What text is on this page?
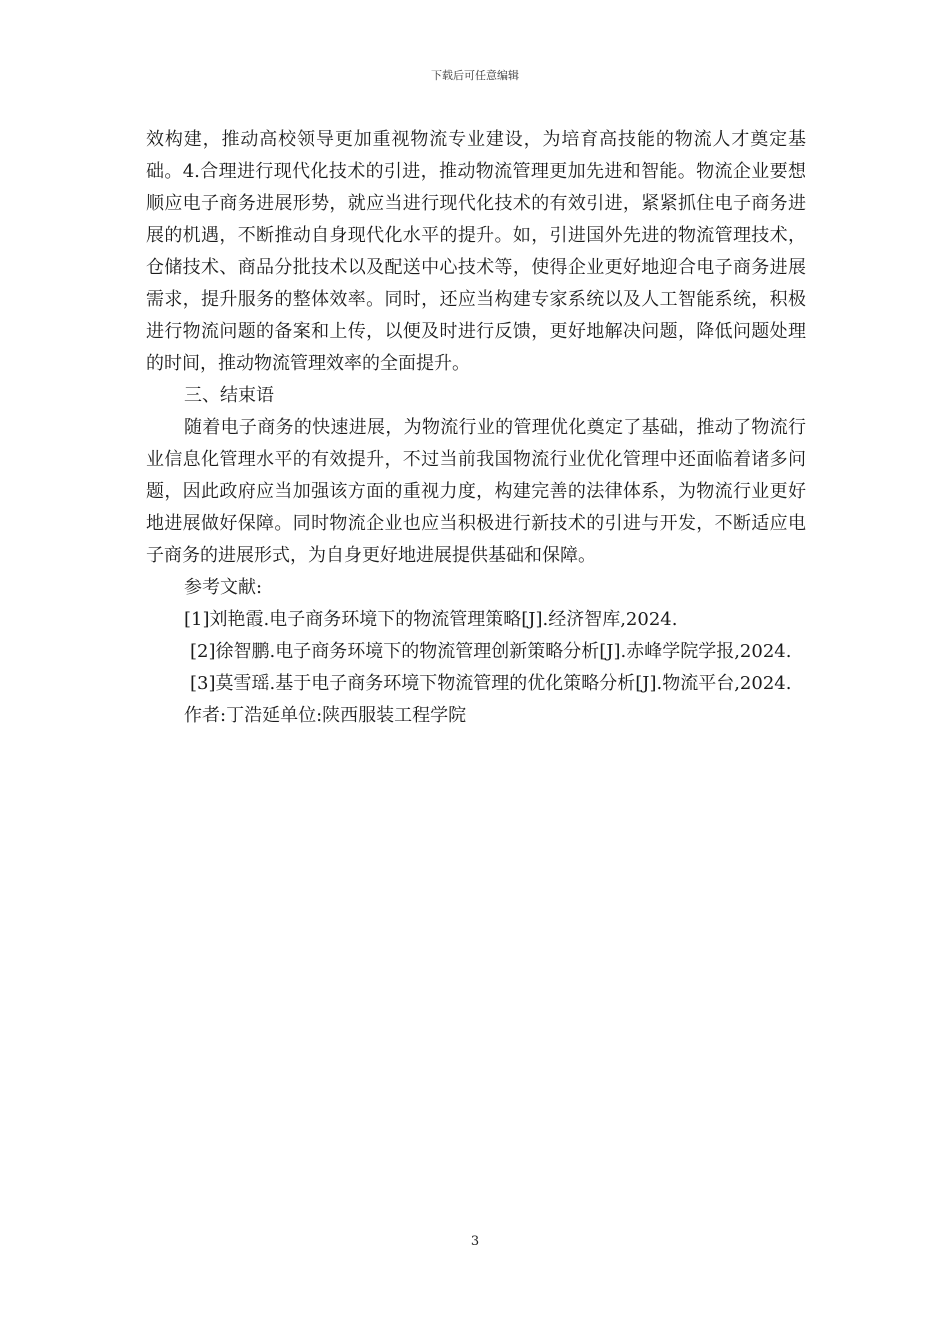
下载后可任意编辑

效构建，推动高校领导更加重视物流专业建设，为培育高技能的物流人才奠定基础。4.合理进行现代化技术的引进，推动物流管理更加先进和智能。物流企业要想顺应电子商务进展形势，就应当进行现代化技术的有效引进，紧紧抓住电子商务进展的机遇，不断推动自身现代化水平的提升。如，引进国外先进的物流管理技术，仓储技术、商品分批技术以及配送中心技术等，使得企业更好地迎合电子商务进展需求，提升服务的整体效率。同时，还应当构建专家系统以及人工智能系统，积极进行物流问题的备案和上传，以便及时进行反馈，更好地解决问题，降低问题处理的时间，推动物流管理效率的全面提升。

三、结束语

随着电子商务的快速进展，为物流行业的管理优化奠定了基础，推动了物流行业信息化管理水平的有效提升，不过当前我国物流行业优化管理中还面临着诸多问题，因此政府应当加强该方面的重视力度，构建完善的法律体系，为物流行业更好地进展做好保障。同时物流企业也应当积极进行新技术的引进与开发，不断适应电子商务的进展形式，为自身更好地进展提供基础和保障。

参考文献:

[1]刘艳霞.电子商务环境下的物流管理策略[J].经济智库,2024.

[2]徐智鹏.电子商务环境下的物流管理创新策略分析[J].赤峰学院学报,2024.

[3]莫雪瑶.基于电子商务环境下物流管理的优化策略分析[J].物流平台,2024.

作者:丁浩延单位:陕西服装工程学院

3
